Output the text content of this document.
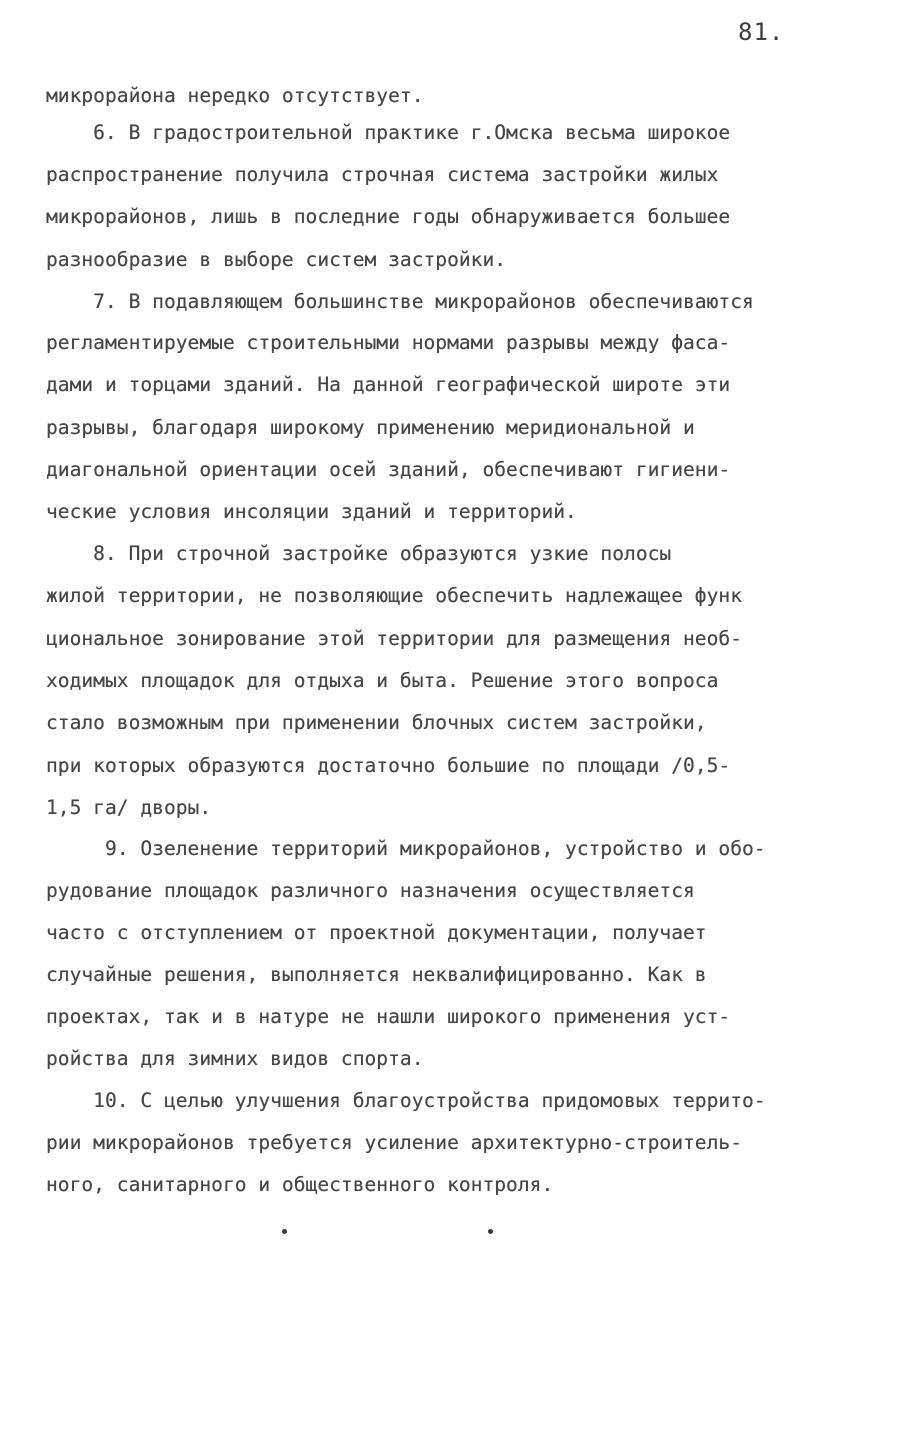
81.
микрорайона нередко отсутствует.
6. В градостроительной практике г.Омска весьма широкое
распространение получила строчная система застройки жилых
микрорайонов, лишь в последние годы обнаруживается большее
разнообразие в выборе систем застройки.
7. В подавляющем большинстве микрорайонов обеспечиваются
регламентируемые строительными нормами разрывы между фаса-
дами и торцами зданий. На данной географической широте эти
разрывы, благодаря широкому применению меридиональной и
диагональной ориентации осей зданий, обеспечивают гигиени-
ческие условия инсоляции зданий и территорий.
8. При строчной застройке образуются узкие полосы
жилой территории, не позволяющие обеспечить надлежащее функ
циональное зонирование этой территории для размещения необ-
ходимых площадок для отдыха и быта. Решение этого вопроса
стало возможным при применении блочных систем застройки,
при которых образуются достаточно большие по площади /0,5-
1,5 га/ дворы.
9. Озеленение территорий микрорайонов, устройство и обо-
рудование площадок различного назначения осуществляется
часто с отступлением от проектной документации, получает
случайные решения, выполняется неквалифицированно. Как в
проектах, так и в натуре не нашли широкого применения уст-
ройства для зимних видов спорта.
10. С целью улучшения благоустройства придомовых террито-
рии микрорайонов требуется усиление архитектурно-строитель-
ного, санитарного и общественного контроля.
